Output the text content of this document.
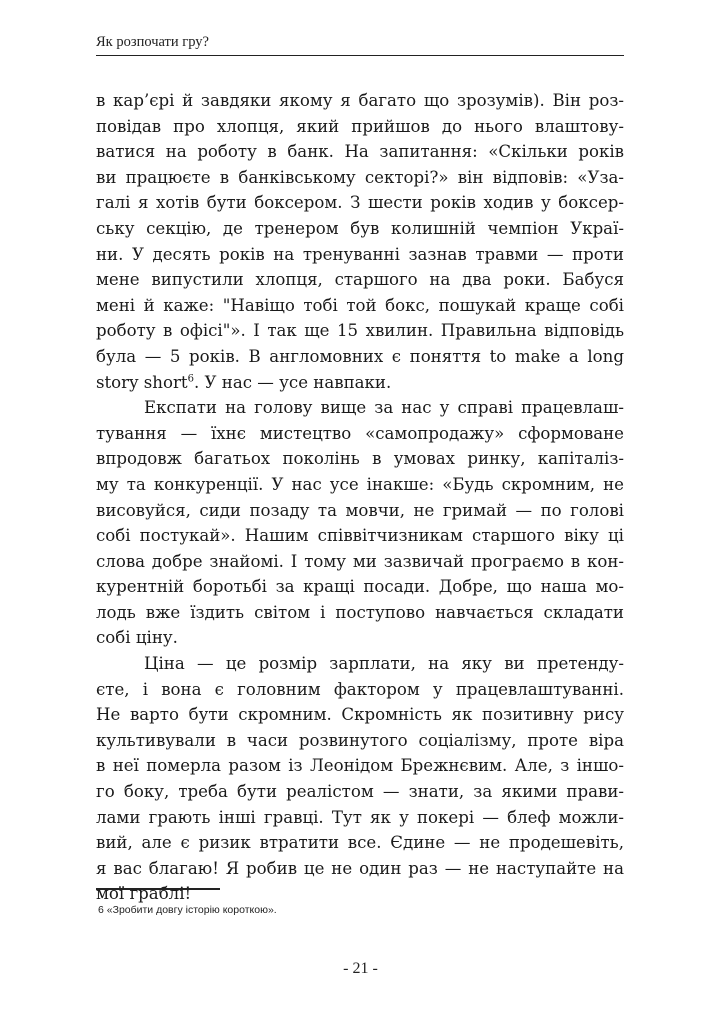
Як розпочати гру?
в кар’єрі й завдяки якому я багато що зрозумів). Він роз-
повідав про хлопця, який прийшов до нього влаштову-
ватися на роботу в банк. На запитання: «Скільки років
ви працюєте в банківському секторі?» він відповів: «Уза-
галі я хотів бути боксером. З шести років ходив у боксер-
ську секцію, де тренером був колишній чемпіон Украї-
ни. У десять років на тренуванні зазнав травми — проти
мене випустили хлопця, старшого на два роки. Бабуся
мені й каже: "Навіщо тобі той бокс, пошукай краще собі
роботу в офісі"». І так ще 15 хвилин. Правильна відповідь
була — 5 років. В англомовних є поняття to make a long
story short$^6$. У нас — усе навпаки.
Експати на голову вище за нас у справі працевлаш-
тування — їхнє мистецтво «самопродажу» сформоване
впродовж багатьох поколінь в умовах ринку, капіталіз-
му та конкуренції. У нас усе інакше: «Будь скромним, не
висовуйся, сиди позаду та мовчи, не гримай — по голові
собі постукай». Нашим співвітчизникам старшого віку ці
слова добре знайомі. І тому ми зазвичай програємо в кон-
курентній боротьбі за кращі посади. Добре, що наша мо-
лодь вже їздить світом і поступово навчається складати
собі ціну.
Ціна — це розмір зарплати, на яку ви претенду-
єте, і вона є головним фактором у працевлаштуванні.
Не варто бути скромним. Скромність як позитивну рису
культивували в часи розвинутого соціалізму, проте віра
в неї померла разом із Леонідом Брежнєвим. Але, з іншо-
го боку, треба бути реалістом — знати, за якими прави-
лами грають інші гравці. Тут як у покері — блеф можли-
вий, але є ризик втратити все. Єдине — не продешевіть,
я вас благаю! Я робив це не один раз — не наступайте на
мої граблі!
6 «Зробити довгу історію короткою».
- 21 -
